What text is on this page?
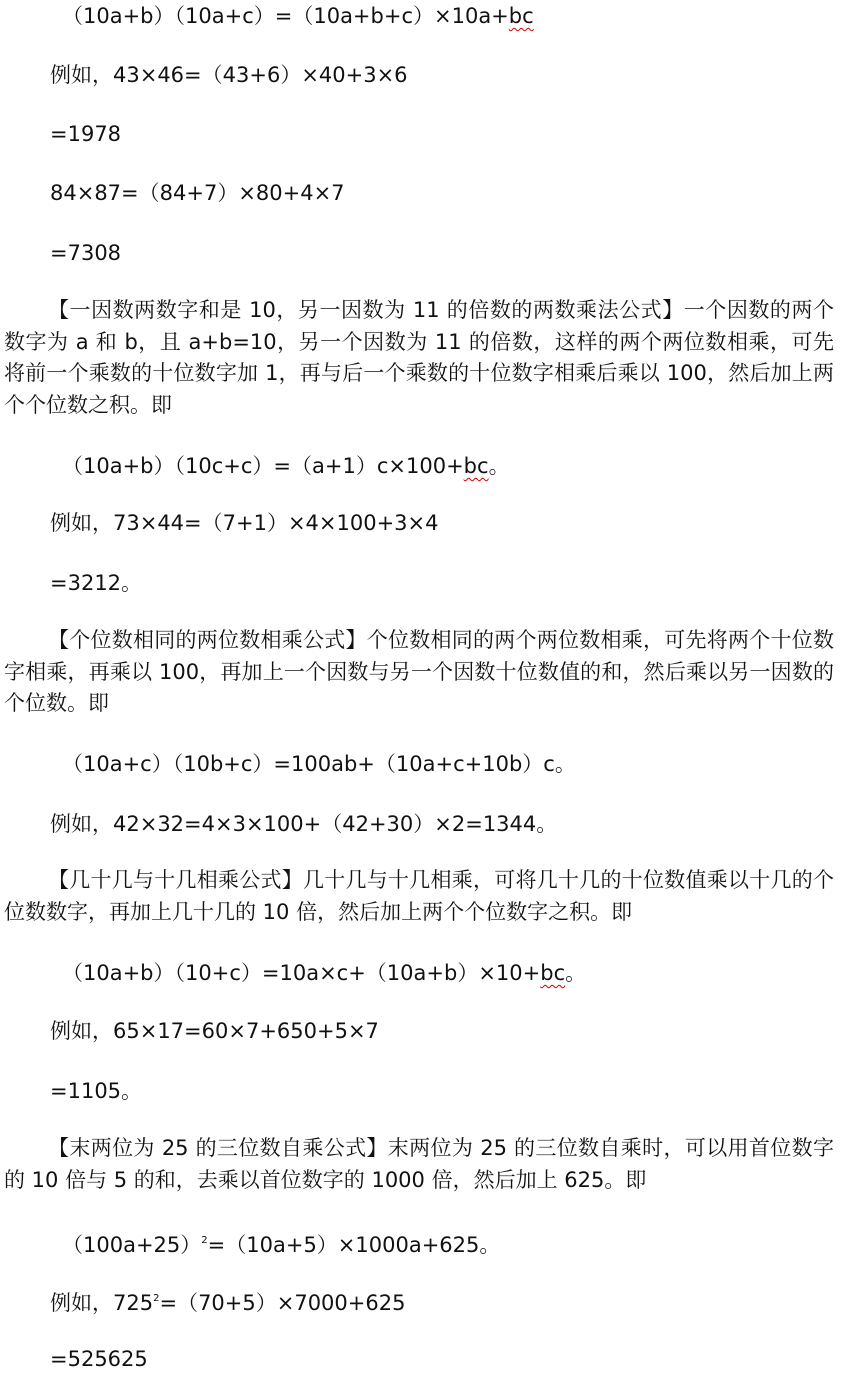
（10a+b）（10a+c）=（10a+b+c）×10a+bc
例如，43×46=（43+6）×40+3×6
=1978
84×87=（84+7）×80+4×7
=7308

【一因数两数字和是 10，另一因数为 11 的倍数的两数乘法公式】一个因数的两个数字为 a 和 b，且 a+b=10，另一个因数为 11 的倍数，这样的两个两位数相乘，可先将前一个乘数的十位数字加 1，再与后一个乘数的十位数字相乘后乘以 100，然后加上两个个位数之积。即

（10a+b）（10c+c）=（a+1）c×100+bc。
例如，73×44=（7+1）×4×100+3×4
=3212。

【个位数相同的两位数相乘公式】个位数相同的两个两位数相乘，可先将两个十位数字相乘，再乘以 100，再加上一个因数与另一个因数十位数值的和，然后乘以另一因数的个位数。即

（10a+c）（10b+c）=100ab+（10a+c+10b）c。
例如，42×32=4×3×100+（42+30）×2=1344。

【几十几与十几相乘公式】几十几与十几相乘，可将几十几的十位数值乘以十几的个位数数字，再加上几十几的 10 倍，然后加上两个个位数字之积。即

（10a+b）（10+c）=10a×c+（10a+b）×10+bc。
例如，65×17=60×7+650+5×7
=1105。

【末两位为 25 的三位数自乘公式】末两位为 25 的三位数自乘时，可以用首位数字的 10 倍与 5 的和，去乘以首位数字的 1000 倍，然后加上 625。即

$(100a+25)^2=(10a+5)\times 1000a+625$。
例如，$725^2=(70+5)\times 7000+625$
=525625
